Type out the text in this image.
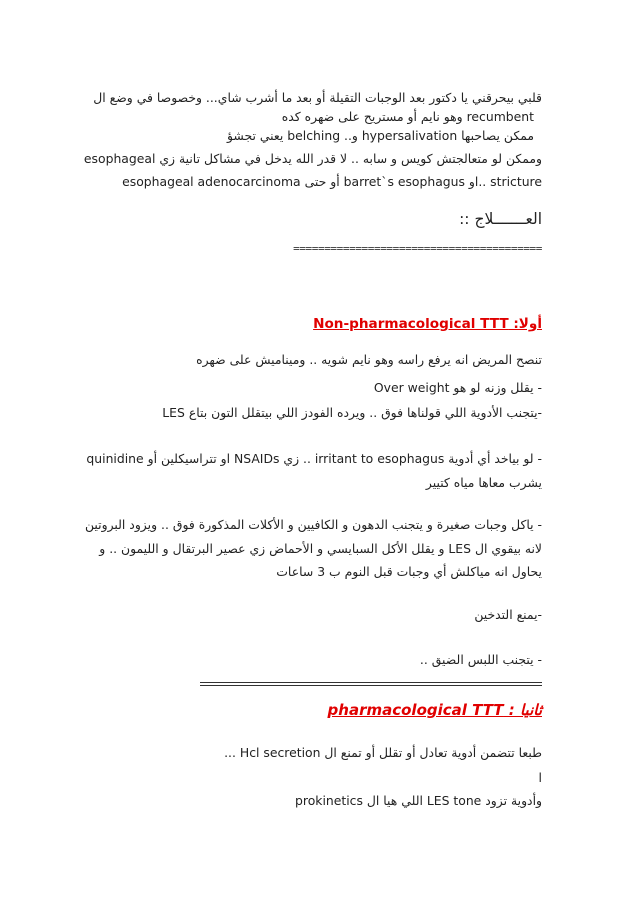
قلبي بيحرقني يا دكتور بعد الوجبات التقيلة أو بعد ما أشرب شاي... وخصوصا في وضع ال
recumbent وهو نايم أو مستريح على ضهره كده
ممكن يصاحبها hypersalivation و.. belching يعني تجشؤ
وممكن لو متعالجتش كويس و سابه .. لا قدر الله يدخل في مشاكل تانية زي esophageal
stricture ..او barret`s esophagus أو حتى esophageal adenocarcinoma
العـــــــلاج ::
========================================
أولا: Non-pharmacological TTT
تنصح المريض انه يرفع راسه وهو نايم شويه .. وميناميش على ضهره
- يقلل وزنه لو هو Over weight
-يتجنب الأدوية اللي قولناها فوق .. ويرده الفودز اللي بيتقلل التون بتاع LES
- لو بياخد أي أدوية irritant to esophagus .. زي NSAIDs او تتراسيكلين أو quinidine
يشرب معاها مياه كتيير
- ياكل وجبات صغيرة و يتجنب الدهون و الكافيين و الأكلات المذكورة فوق .. ويزود البروتين
لانه بيقوي ال LES و يقلل الأكل السبايسي و الأحماض زي عصير البرتقال و الليمون .. و
يحاول انه مياكلش أي وجبات قبل النوم ب 3 ساعات
-يمنع التدخين
- يتجنب اللبس الضيق ..
ثانيا : pharmacological TTT
طبعا تتضمن أدوية تعادل أو تقلل أو تمنع ال Hcl secretion ...
ا
وأدوية تزود LES tone اللي هيا ال prokinetics
